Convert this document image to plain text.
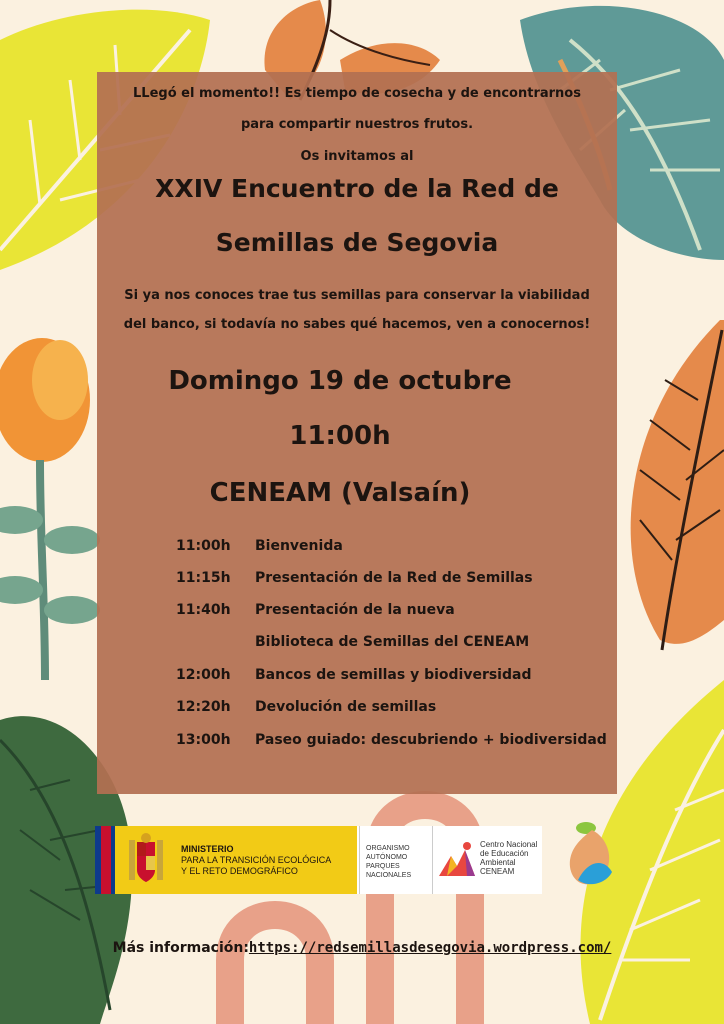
LLegó el momento!! Es tiempo de cosecha y de encontrarnos
para compartir nuestros frutos.
Os invitamos al
XXIV Encuentro de la Red de
Semillas de Segovia
Si ya nos conoces trae tus semillas para conservar la viabilidad
del banco, si todavía no sabes qué hacemos, ven a conocernos!
Domingo 19 de octubre
11:00h
CENEAM (Valsaín)
11:00h	Bienvenida
11:15h	Presentación de la Red de Semillas
11:40h	Presentación de la nueva
Biblioteca de Semillas del CENEAM
12:00h	Bancos de semillas y biodiversidad
12:20h	Devolución de semillas
13:00h	Paseo guiado: descubriendo + biodiversidad
MINISTERIO
PARA LA TRANSICIÓN ECOLÓGICA
Y EL RETO DEMOGRÁFICO
ORGANISMO
AUTÓNOMO
PARQUES
NACIONALES
Centro Nacional
de Educación
Ambiental
CENEAM
Más información:https://redsemillasdesegovia.wordpress.com/
